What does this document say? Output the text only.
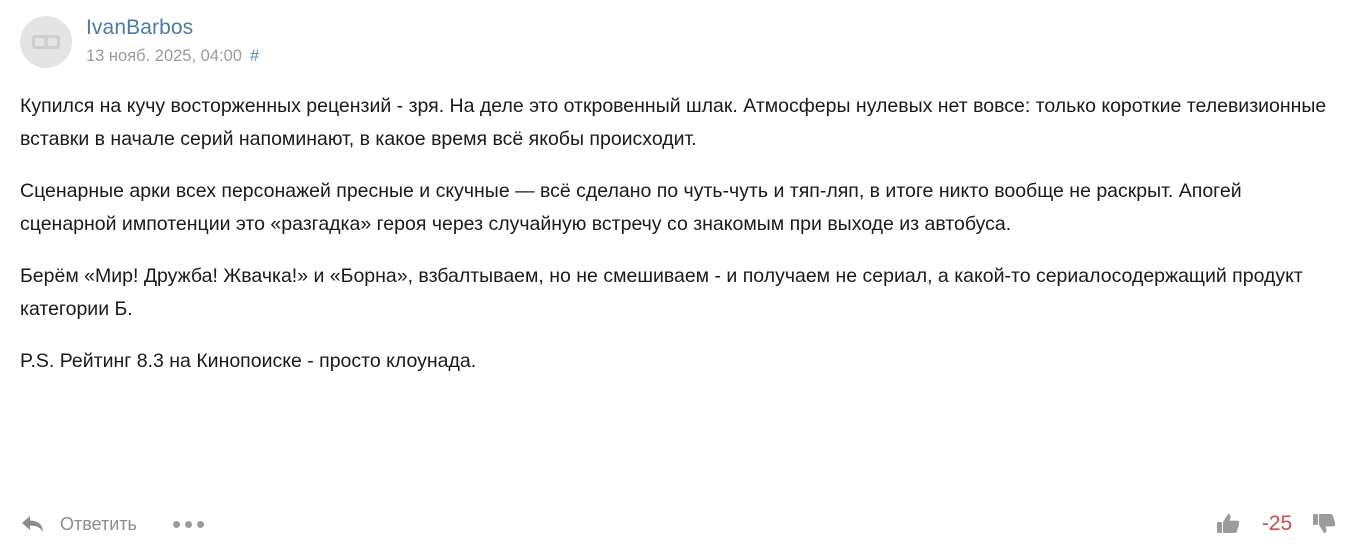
IvanBarbos
13 нояб. 2025, 04:00 #

Купился на кучу восторженных рецензий - зря. На деле это откровенный шлак. Атмосферы нулевых нет вовсе: только короткие телевизионные вставки в начале серий напоминают, в какое время всё якобы происходит.

Сценарные арки всех персонажей пресные и скучные — всё сделано по чуть-чуть и тяп-ляп, в итоге никто вообще не раскрыт. Апогей сценарной импотенции это «разгадка» героя через случайную встречу со знакомым при выходе из автобуса.

Берём «Мир! Дружба! Жвачка!» и «Борна», взбалтываем, но не смешиваем - и получаем не сериал, а какой-то сериалосодержащий продукт категории Б.

P.S. Рейтинг 8.3 на Кинопоиске - просто клоунада.

Ответить	-25
